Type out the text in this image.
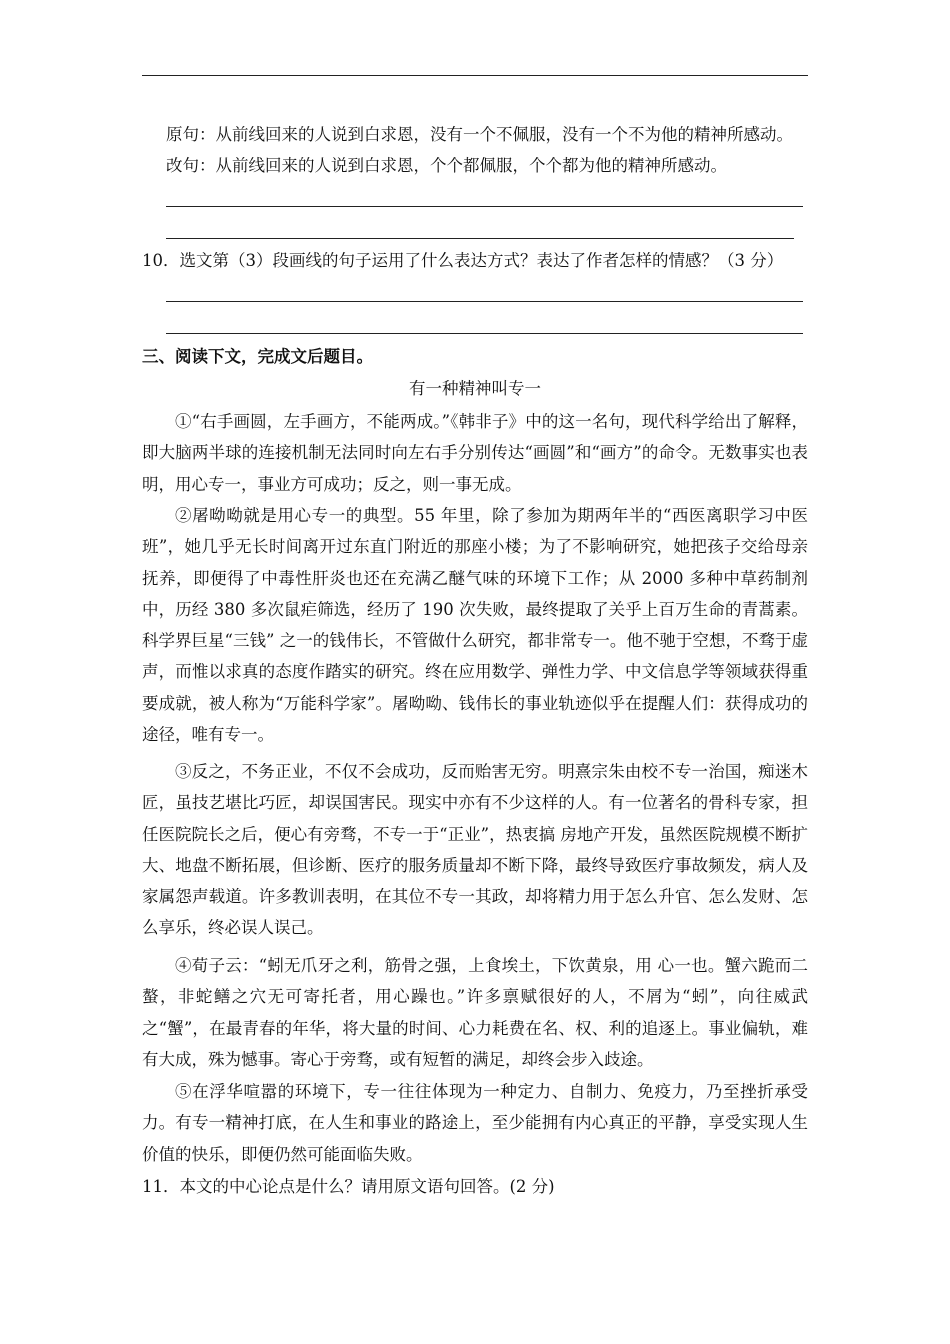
原句：从前线回来的人说到白求恩，没有一个不佩服，没有一个不为他的精神所感动。
改句：从前线回来的人说到白求恩，个个都佩服，个个都为他的精神所感动。
10．选文第（3）段画线的句子运用了什么表达方式？表达了作者怎样的情感？（3 分）
三、阅读下文，完成文后题目。
有一种精神叫专一
①“右手画圆，左手画方，不能两成。”《韩非子》中的这一名句，现代科学给出了解释，即大脑两半球的连接机制无法同时向左右手分别传达“画圆”和“画方”的命令。无数事实也表明，用心专一，事业方可成功；反之，则一事无成。
②屠呦呦就是用心专一的典型。55 年里，除了参加为期两年半的“西医离职学习中医班”，她几乎无长时间离开过东直门附近的那座小楼；为了不影响研究，她把孩子交给母亲抚养，即便得了中毒性肝炎也还在充满乙醚气味的环境下工作；从 2000 多种中草药制剂中，历经 380 多次鼠疟筛选，经历了 190 次失败，最终提取了关乎上百万生命的青蒿素。科学界巨星“三钱” 之一的钱伟长，不管做什么研究，都非常专一。他不驰于空想，不骛于虚声，而惟以求真的态度作踏实的研究。终在应用数学、弹性力学、中文信息学等领域获得重要成就，被人称为“万能科学家”。屠呦呦、钱伟长的事业轨迹似乎在提醒人们：获得成功的途径，唯有专一。
③反之，不务正业，不仅不会成功，反而贻害无穷。明熹宗朱由校不专一治国，痴迷木匠，虽技艺堪比巧匠，却误国害民。现实中亦有不少这样的人。有一位著名的骨科专家，担任医院院长之后，便心有旁骛，不专一于“正业”，热衷搞 房地产开发，虽然医院规模不断扩大、地盘不断拓展，但诊断、医疗的服务质量却不断下降，最终导致医疗事故频发，病人及家属怨声载道。许多教训表明，在其位不专一其政，却将精力用于怎么升官、怎么发财、怎么享乐，终必误人误己。
④荀子云：“蚓无爪牙之利，筋骨之强，上食埃土，下饮黄泉，用 心一也。蟹六跪而二螯，非蛇鳝之穴无可寄托者，用心躁也。”许多禀赋很好的人，不屑为“蚓”，向往威武之“蟹”，在最青春的年华，将大量的时间、心力耗费在名、权、利的追逐上。事业偏轨，难有大成，殊为憾事。寄心于旁骛，或有短暂的满足，却终会步入歧途。
⑤在浮华喧嚣的环境下，专一往往体现为一种定力、自制力、免疫力，乃至挫折承受力。有专一精神打底，在人生和事业的路途上，至少能拥有内心真正的平静，享受实现人生价值的快乐，即便仍然可能面临失败。
11．本文的中心论点是什么？请用原文语句回答。(2 分)
